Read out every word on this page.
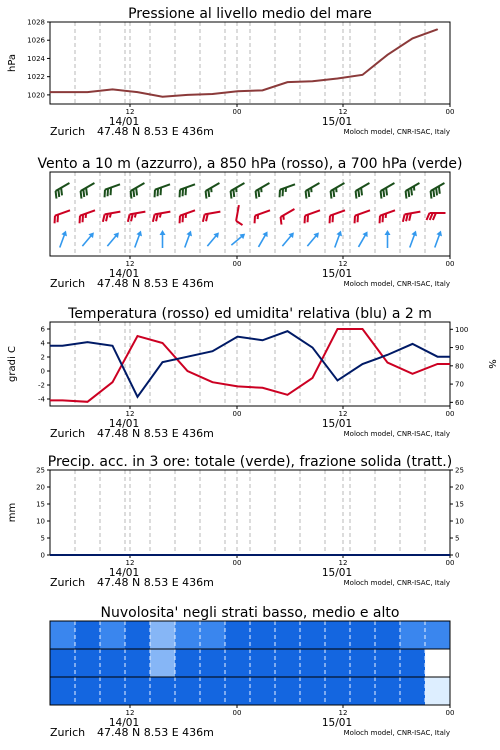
Pressione al livello medio del mare
12	00	12	00
14/01	15/01
Zurich 47.48 N 8.53 E 436m	Moloch model, CNR-ISAC, Italy
1020
1022
1024
1026
1028
hPa
Vento a 10 m (azzurro), a 850 hPa (rosso), a 700 hPa (verde)
12	00	12	00
14/01	15/01
Zurich 47.48 N 8.53 E 436m	Moloch model, CNR-ISAC, Italy
Temperatura (rosso) ed umidita' relativa (blu) a 2 m
12	00	12	00
14/01	15/01
Zurich 47.48 N 8.53 E 436m	Moloch model, CNR-ISAC, Italy
6
4
2
0
-2
-4
100
90
80
70
60
gradi C	%
Precip. acc. in 3 ore: totale (verde), frazione solida (tratt.)
12	00	12	00
14/01	15/01
Zurich 47.48 N 8.53 E 436m	Moloch model, CNR-ISAC, Italy
25	25
20	20
15	15
10	10
5	5
0	0
mm
Nuvolosita' negli strati basso, medio e alto
12	00	12	00
14/01	15/01
Zurich 47.48 N 8.53 E 436m	Moloch model, CNR-ISAC, Italy
